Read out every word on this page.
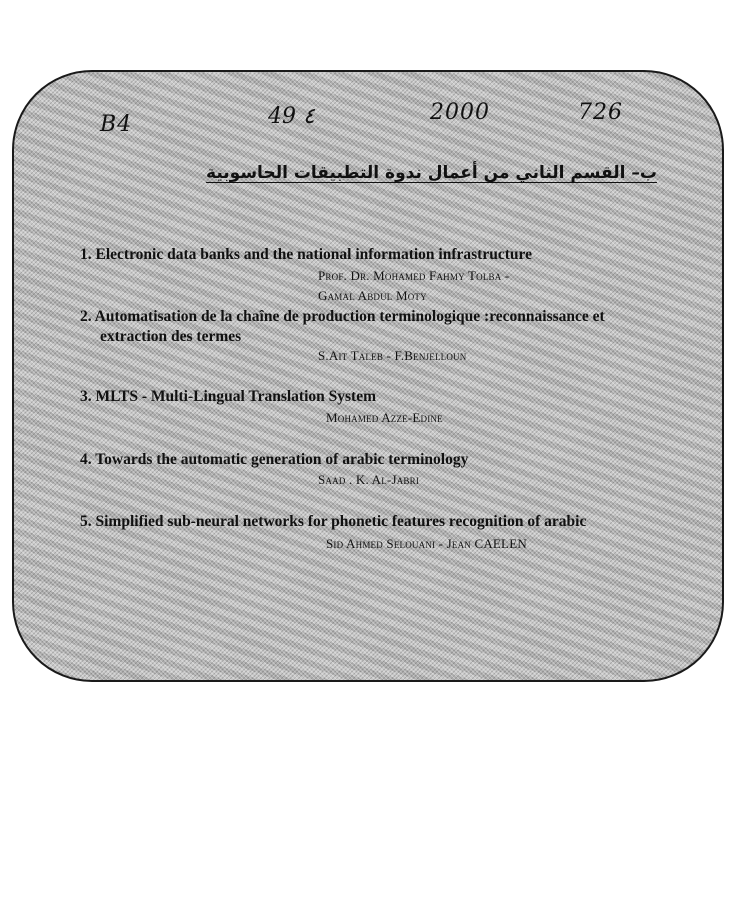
B4	49 ٤	2000	726
ب– القسم الثاني من أعمال ندوة التطبيقات الحاسوبية
1. Electronic data banks and the national information infrastructure
Prof. Dr. Mohamed Fahmy Tolba -
Gamal Abdul Moty
2. Automatisation de la chaîne de production terminologique :reconnaissance et
extraction des termes
S.Ait Taleb - F.Benjelloun
3. MLTS - Multi-Lingual Translation System
Mohamed Azze-Edine
4. Towards the automatic generation of arabic terminology
Saad . K. Al-Jabri
5. Simplified sub-neural networks for phonetic features recognition of arabic
Sid Ahmed Selouani - Jean CAELEN
